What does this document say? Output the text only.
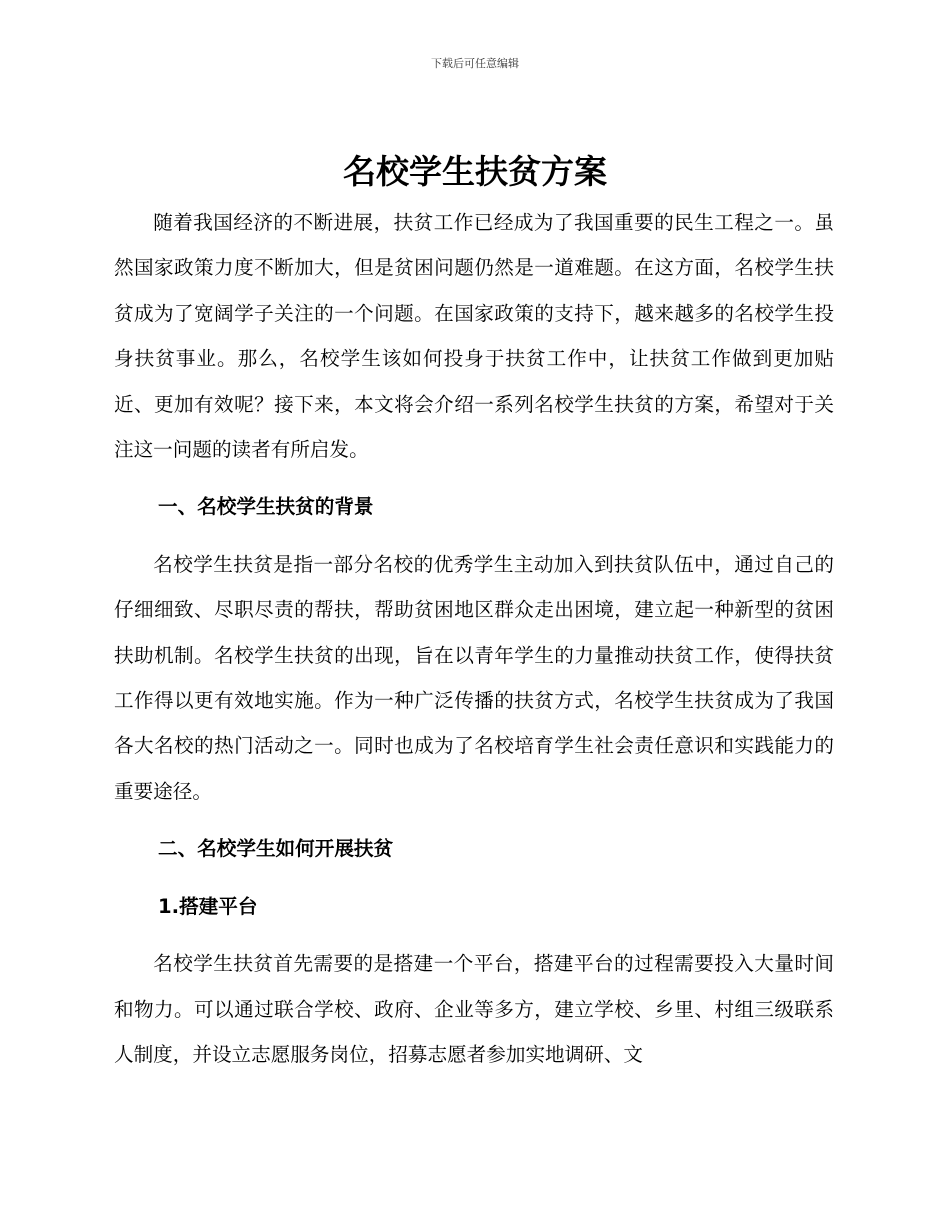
下载后可任意编辑
名校学生扶贫方案

随着我国经济的不断进展，扶贫工作已经成为了我国重要的民生工程之一。虽然国家政策力度不断加大，但是贫困问题仍然是一道难题。在这方面，名校学生扶贫成为了宽阔学子关注的一个问题。在国家政策的支持下，越来越多的名校学生投身扶贫事业。那么，名校学生该如何投身于扶贫工作中，让扶贫工作做到更加贴近、更加有效呢？接下来，本文将会介绍一系列名校学生扶贫的方案，希望对于关注这一问题的读者有所启发。

一、名校学生扶贫的背景

名校学生扶贫是指一部分名校的优秀学生主动加入到扶贫队伍中，通过自己的仔细细致、尽职尽责的帮扶，帮助贫困地区群众走出困境，建立起一种新型的贫困扶助机制。名校学生扶贫的出现，旨在以青年学生的力量推动扶贫工作，使得扶贫工作得以更有效地实施。作为一种广泛传播的扶贫方式，名校学生扶贫成为了我国各大名校的热门活动之一。同时也成为了名校培育学生社会责任意识和实践能力的重要途径。

二、名校学生如何开展扶贫

1.搭建平台

名校学生扶贫首先需要的是搭建一个平台，搭建平台的过程需要投入大量时间和物力。可以通过联合学校、政府、企业等多方，建立学校、乡里、村组三级联系人制度，并设立志愿服务岗位，招募志愿者参加实地调研、文
